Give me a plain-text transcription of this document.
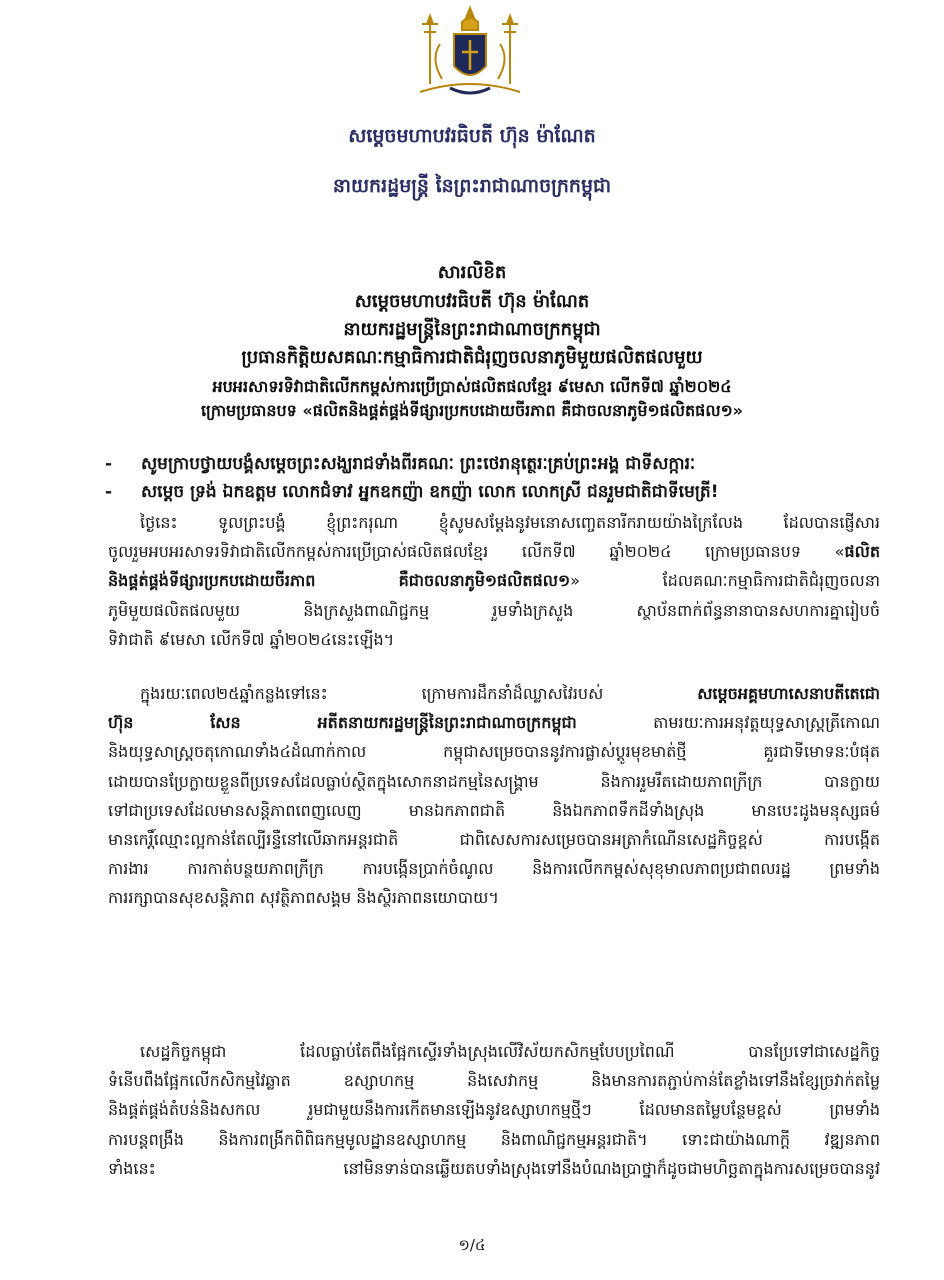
សម្ដេចមហាបវរធិបតី ហ៊ុន ម៉ាណែត
នាយករដ្ឋមន្ត្រី នៃព្រះរាជាណាចក្រកម្ពុជា
សារលិខិត
សម្ដេចមហាបវរធិបតី ហ៊ុន ម៉ាណែត
នាយករដ្ឋមន្ត្រីនៃព្រះរាជាណាចក្រកម្ពុជា
ប្រធានកិត្តិយសគណៈកម្មាធិការជាតិជំរុញចលនាភូមិមួយផលិតផលមួយ
អបអរសាទរទិវាជាតិលើកកម្ពស់ការប្រើប្រាស់ផលិតផលខ្មែរ ៩មេសា លើកទី៧ ឆ្នាំ២០២៤
ក្រោមប្រធានបទ «ផលិតនិងផ្គត់ផ្គង់ទីផ្សារប្រកបដោយចីរភាព គឺជាចលនាភូមិ១ផលិតផល១»
- សូមក្រាបថ្វាយបង្គំសម្ដេចព្រះសង្ឃរាជទាំងពីរគណៈ ព្រះថេរានុត្ថេរៈគ្រប់ព្រះអង្គ ជាទីសក្ការៈ
- សម្ដេច ទ្រង់ ឯកឧត្តម លោកជំទាវ អ្នកឧកញ៉ា ឧកញ៉ា លោក លោកស្រី ជនរួមជាតិជាទីមេត្រី!
ថ្ងៃនេះ ទូលព្រះបង្គំ ខ្ញុំព្រះករុណា ខ្ញុំសូមសម្ដែងនូវមនោសញ្ចេតនារីករាយយ៉ាងក្រៃលែង ដែលបានផ្ញើសារ
ចូលរួមអបអរសាទរទិវាជាតិលើកកម្ពស់ការប្រើប្រាស់ផលិតផលខ្មែរ លើកទី៧ ឆ្នាំ២០២៤ ក្រោមប្រធានបទ «ផលិត
និងផ្គត់ផ្គង់ទីផ្សារប្រកបដោយចីរភាព គឺជាចលនាភូមិ១ផលិតផល១» ដែលគណៈកម្មាធិការជាតិជំរុញចលនា
ភូមិមួយផលិតផលមួយ និងក្រសួងពាណិជ្ជកម្ម រួមទាំងក្រសួង ស្ថាប័នពាក់ព័ន្ធនានាបានសហការគ្នារៀបចំ
ទិវាជាតិ ៩មេសា លើកទី៧ ឆ្នាំ២០២៤នេះឡើង។
ក្នុងរយៈពេល២៥ឆ្នាំកន្លងទៅនេះ ក្រោមការដឹកនាំដ៏ឈ្លាសវៃរបស់ សម្ដេចអគ្គមហាសេនាបតីតេជោ
ហ៊ុន សែន អតីតនាយករដ្ឋមន្ត្រីនៃព្រះរាជាណាចក្រកម្ពុជា តាមរយៈការអនុវត្តយុទ្ធសាស្ត្រត្រីកោណ
និងយុទ្ធសាស្ត្រចតុកោណទាំង៤ដំណាក់កាល កម្ពុជាសម្រេចបាននូវការផ្លាស់ប្ដូរមុខមាត់ថ្មី គួរជាទីមោទនៈបំផុត
ដោយបានប្រែក្លាយខ្លួនពីប្រទេសដែលធ្លាប់ស្ថិតក្នុងសោកនាដកម្មនៃសង្គ្រាម និងការរួមរឹតដោយភាពក្រីក្រ បានក្លាយ
ទៅជាប្រទេសដែលមានសន្តិភាពពេញលេញ មានឯកភាពជាតិ និងឯកភាពទឹកដីទាំងស្រុង មានបេះដូងមនុស្សធម៌
មានកេរ្តិ៍ឈ្មោះល្អកាន់តែល្បីរន្ទឺនៅលើឆាកអន្តរជាតិ ជាពិសេសការសម្រេចបានអត្រាកំណើនសេដ្ឋកិច្ចខ្ពស់ ការបង្កើត
ការងារ ការកាត់បន្ថយភាពក្រីក្រ ការបង្កើនប្រាក់ចំណូល និងការលើកកម្ពស់សុខុមាលភាពប្រជាពលរដ្ឋ ព្រមទាំង
ការរក្សាបានសុខសន្តិភាព សុវត្ថិភាពសង្គម និងស្ថិរភាពនយោបាយ។
សេដ្ឋកិច្ចកម្ពុជា ដែលធ្លាប់តែពឹងផ្អែកស្ទើរទាំងស្រុងលើវិស័យកសិកម្មបែបប្រពៃណី បានប្រែទៅជាសេដ្ឋកិច្ច
ទំនើបពឹងផ្អែកលើកសិកម្មវៃឆ្លាត ឧស្សាហកម្ម និងសេវាកម្ម និងមានការតភ្ជាប់កាន់តែខ្លាំងទៅនឹងខ្សែច្រវាក់តម្លៃ
និងផ្គត់ផ្គង់តំបន់និងសកល រួមជាមួយនឹងការកើតមានឡើងនូវឧស្សាហកម្មថ្មីៗ ដែលមានតម្លៃបន្ថែមខ្ពស់ ព្រមទាំង
ការបន្តពង្រឹង និងការពង្រីកពិពិធកម្មមូលដ្ឋានឧស្សាហកម្ម និងពាណិជ្ជកម្មអន្តរជាតិ។ ទោះជាយ៉ាងណាក្ដី វឌ្ឍនភាព
ទាំងនេះ នៅមិនទាន់បានឆ្លើយតបទាំងស្រុងទៅនឹងបំណងប្រាថ្នាក៏ដូចជាមហិច្ឆតាក្នុងការសម្រេចបាននូវ
១/៤
